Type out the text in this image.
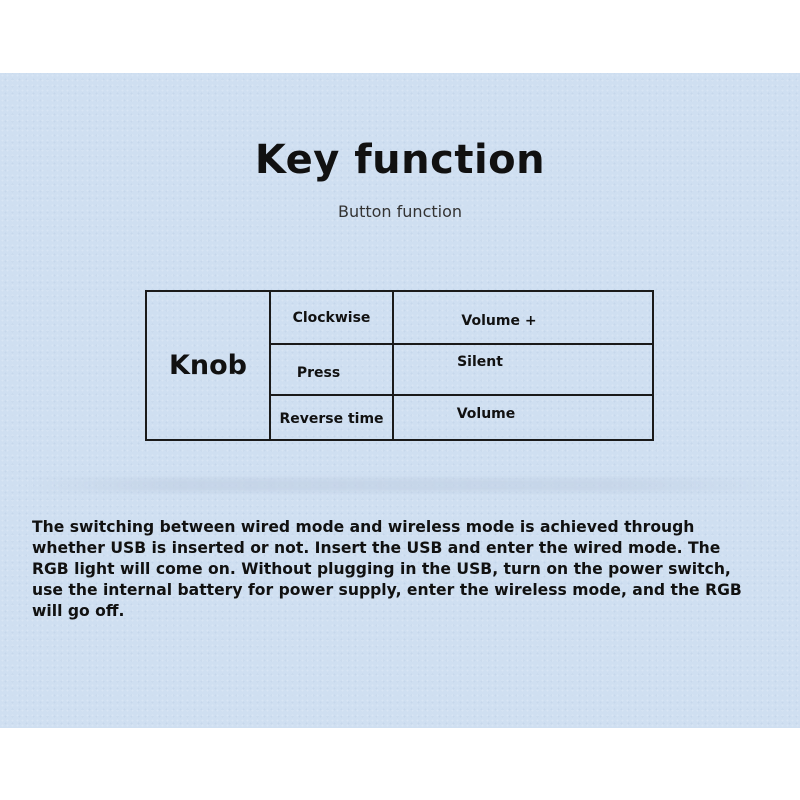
Key function
Button function
Knob	Clockwise	Volume +
	Press	Silent
	Reverse time	Volume

The switching between wired mode and wireless mode is achieved through
whether USB is inserted or not. Insert the USB and enter the wired mode. The
RGB light will come on. Without plugging in the USB, turn on the power switch,
use the internal battery for power supply, enter the wireless mode, and the RGB
will go off.
